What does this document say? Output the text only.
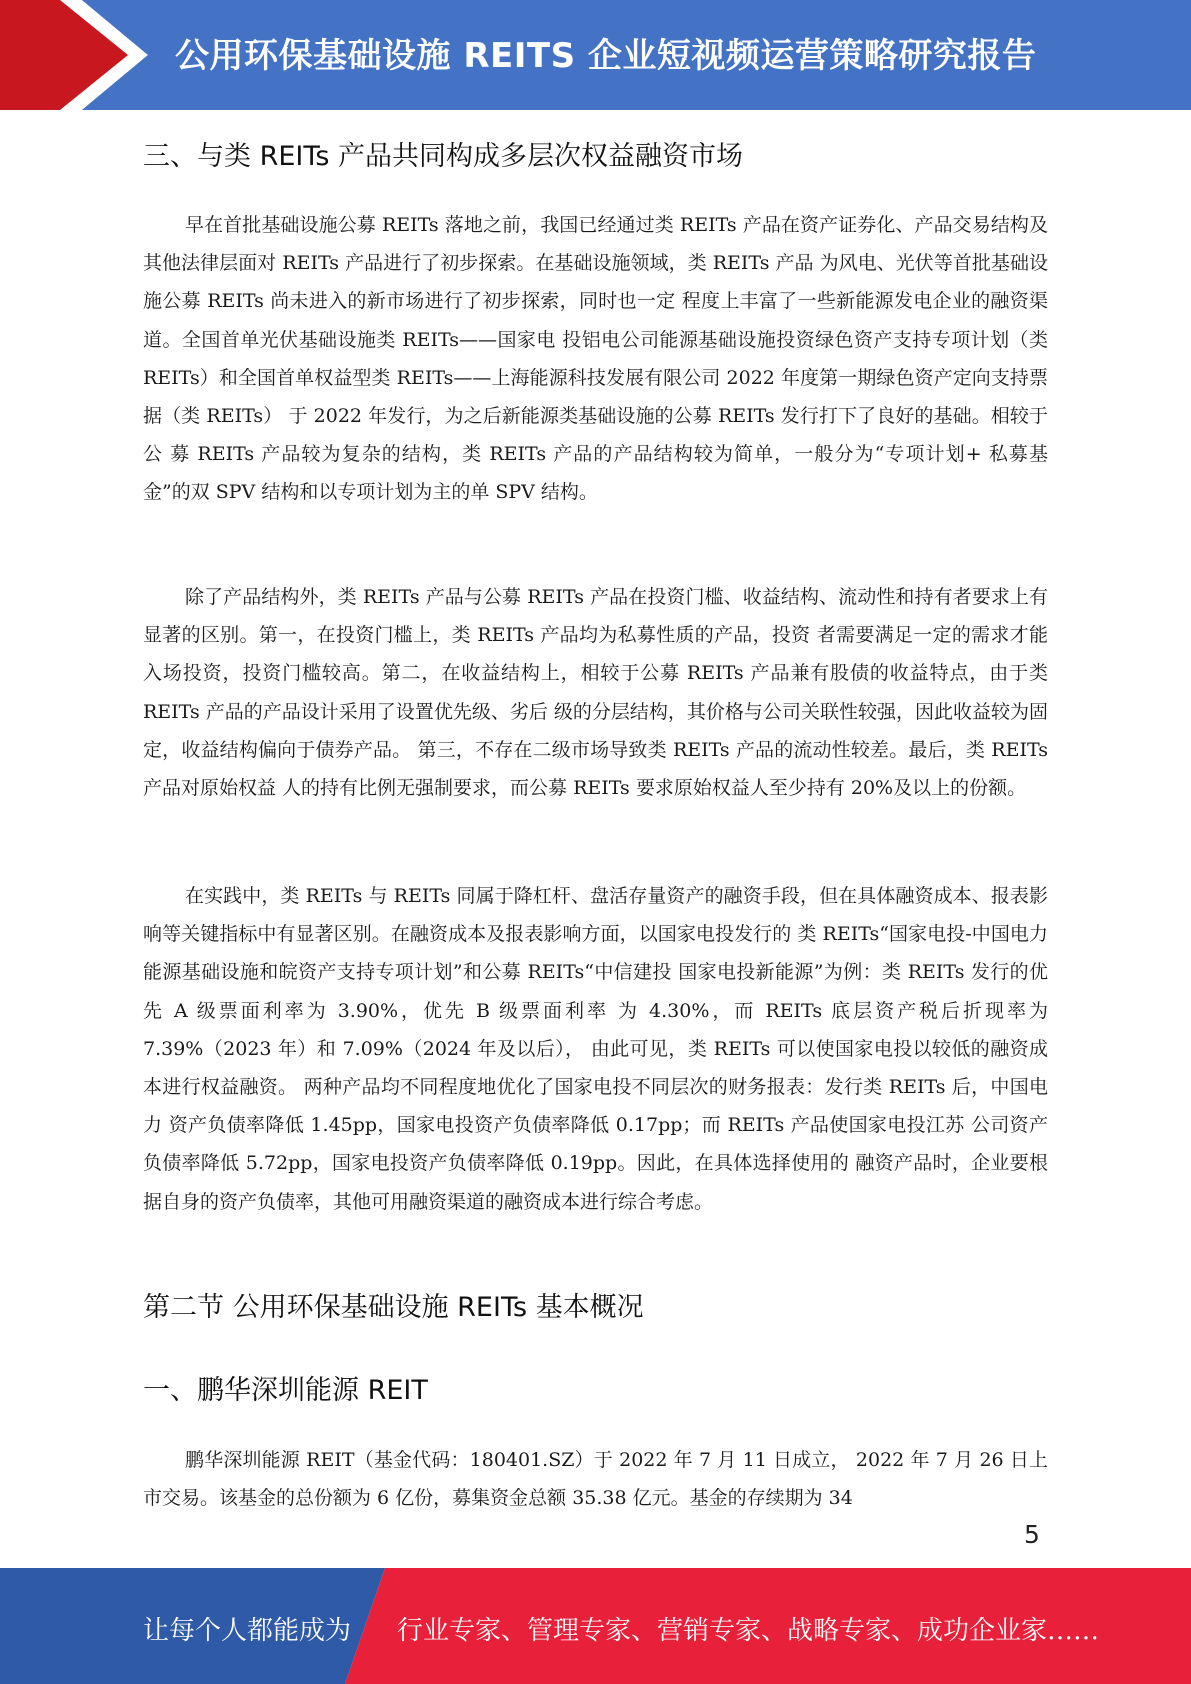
公用环保基础设施 REITS 企业短视频运营策略研究报告
三、与类 REITs 产品共同构成多层次权益融资市场

早在首批基础设施公募 REITs 落地之前，我国已经通过类 REITs 产品在资产证券化、产品交易结构及其他法律层面对 REITs 产品进行了初步探索。在基础设施领域，类 REITs 产品 为风电、光伏等首批基础设施公募 REITs 尚未进入的新市场进行了初步探索，同时也一定 程度上丰富了一些新能源发电企业的融资渠道。全国首单光伏基础设施类 REITs——国家电 投铝电公司能源基础设施投资绿色资产支持专项计划（类 REITs）和全国首单权益型类 REITs——上海能源科技发展有限公司 2022 年度第一期绿色资产定向支持票据（类 REITs） 于 2022 年发行，为之后新能源类基础设施的公募 REITs 发行打下了良好的基础。相较于公 募 REITs 产品较为复杂的结构，类 REITs 产品的产品结构较为简单，一般分为“专项计划+ 私募基金”的双 SPV 结构和以专项计划为主的单 SPV 结构。

除了产品结构外，类 REITs 产品与公募 REITs 产品在投资门槛、收益结构、流动性和持有者要求上有显著的区别。第一，在投资门槛上，类 REITs 产品均为私募性质的产品，投资 者需要满足一定的需求才能入场投资，投资门槛较高。第二，在收益结构上，相较于公募 REITs 产品兼有股债的收益特点，由于类 REITs 产品的产品设计采用了设置优先级、劣后 级的分层结构，其价格与公司关联性较强，因此收益较为固定，收益结构偏向于债券产品。 第三，不存在二级市场导致类 REITs 产品的流动性较差。最后，类 REITs 产品对原始权益 人的持有比例无强制要求，而公募 REITs 要求原始权益人至少持有 20%及以上的份额。

在实践中，类 REITs 与 REITs 同属于降杠杆、盘活存量资产的融资手段，但在具体融资成本、报表影响等关键指标中有显著区别。在融资成本及报表影响方面，以国家电投发行的 类 REITs“国家电投-中国电力能源基础设施和皖资产支持专项计划”和公募 REITs“中信建投 国家电投新能源”为例：类 REITs 发行的优先 A 级票面利率为 3.90%，优先 B 级票面利率 为 4.30%，而 REITs 底层资产税后折现率为 7.39%（2023 年）和 7.09%（2024 年及以后）， 由此可见，类 REITs 可以使国家电投以较低的融资成本进行权益融资。 两种产品均不同程度地优化了国家电投不同层次的财务报表：发行类 REITs 后，中国电力 资产负债率降低 1.45pp，国家电投资产负债率降低 0.17pp；而 REITs 产品使国家电投江苏 公司资产负债率降低 5.72pp，国家电投资产负债率降低 0.19pp。因此，在具体选择使用的 融资产品时，企业要根据自身的资产负债率，其他可用融资渠道的融资成本进行综合考虑。

第二节 公用环保基础设施 REITs 基本概况
一、鹏华深圳能源 REIT

鹏华深圳能源 REIT（基金代码：180401.SZ）于 2022 年 7 月 11 日成立， 2022 年 7 月 26 日上市交易。该基金的总份额为 6 亿份，募集资金总额 35.38 亿元。基金的存续期为 34

5
让每个人都能成为 行业专家、管理专家、营销专家、战略专家、成功企业家……
